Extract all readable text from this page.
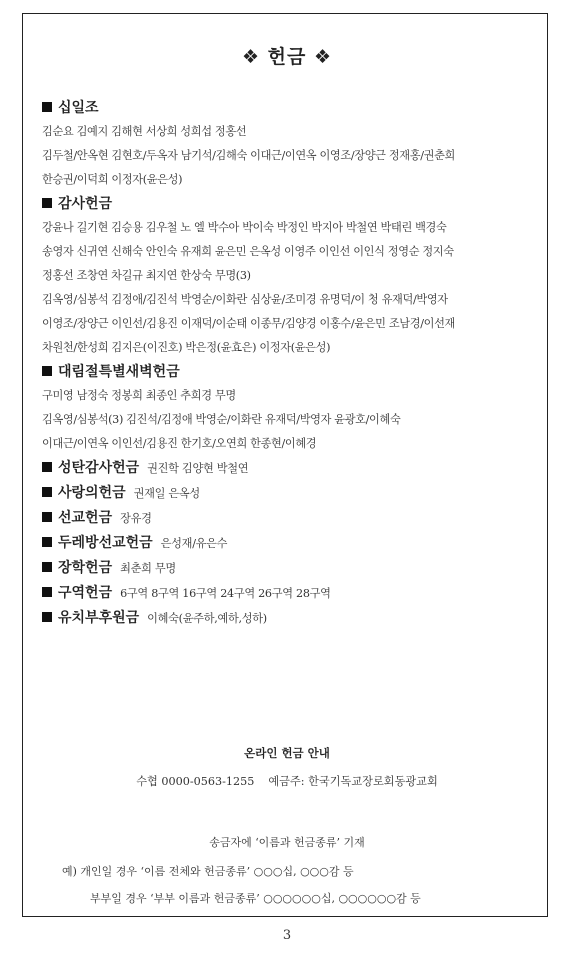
❖ 헌금 ❖
십일조
김순요 김예지 김해현 서상희 성희섭 정홍선
김두철/안옥현 김현호/두옥자 남기석/김해숙 이대근/이연옥 이영조/장양근 정재홍/권춘희
한승권/이덕희 이정자(윤은성)
감사헌금
강윤나 길기현 김승용 김우철 노 엘 박수아 박이숙 박정인 박지아 박철연 박태린 백경숙
송영자 신귀연 신해숙 안인숙 유재희 윤은민 은옥성 이영주 이인선 이인식 정영순 정지숙
정홍선 조창연 차길규 최지연 한상숙 무명(3)
김옥영/심봉석 김정애/김진석 박영순/이화란 심상윤/조미경 유명덕/이 청 유재덕/박영자
이영조/장양근 이인선/김용진 이재덕/이순태 이종무/김양경 이홍수/윤은민 조남경/이선재
차원천/한성희 김지은(이진호) 박은정(윤효은) 이정자(윤은성)
대림절특별새벽헌금
구미영 남정숙 정봉희 최종인 추희경 무명
김옥영/심봉석(3) 김진석/김정애 박영순/이화란 유재덕/박영자 윤광호/이혜숙
이대근/이연옥 이인선/김용진 한기호/오연희 한종현/이혜경
성탄감사헌금 권진학 김양현 박철연
사랑의헌금 권재일 은옥성
선교헌금 장유경
두레방선교헌금 은성재/유은수
장학헌금 최춘희 무명
구역헌금 6구역 8구역 16구역 24구역 26구역 28구역
유치부후원금 이혜숙(윤주하,예하,성하)
온라인 헌금 안내
수협 0000-0563-1255 예금주: 한국기독교장로회동광교회
송금자에 ‘이름과 헌금종류’ 기재
예) 개인일 경우 ‘이름 전체와 헌금종류’ ○○○십, ○○○감 등
부부일 경우 ‘부부 이름과 헌금종류’ ○○○○○○십, ○○○○○○감 등
3
